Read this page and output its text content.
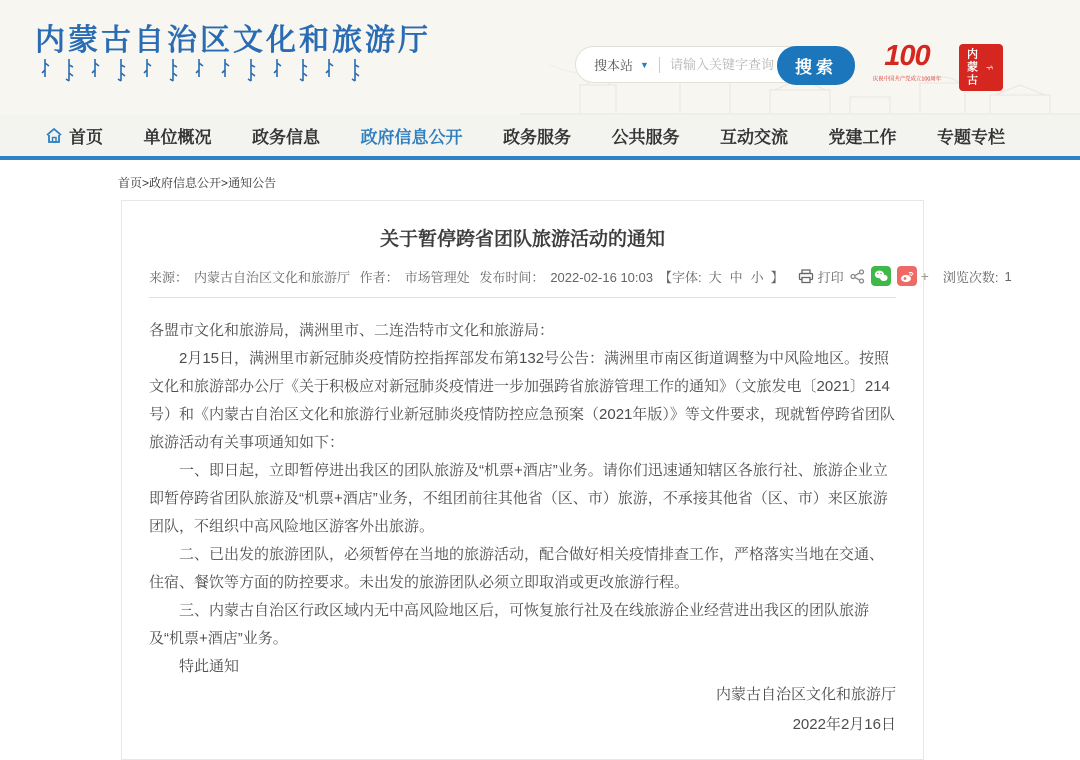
内蒙古自治区文化和旅游厅
搜本站 ▼
请输入关键字查询	搜索	100
庆祝中国共产党成立100周年 内蒙古 ᠮ
首页 单位概况 政务信息 政府信息公开 政务服务 公共服务 互动交流 党建工作 专题专栏
首页>政府信息公开>通知公告
关于暂停跨省团队旅游活动的通知
来源： 内蒙古自治区文化和旅游厅 作者： 市场管理处 发布时间： 2022-02-16 10:03 【字体: 大 中 小 】	打印	+ 浏览次数: 1

各盟市文化和旅游局，满洲里市、二连浩特市文化和旅游局：

2月15日，满洲里市新冠肺炎疫情防控指挥部发布第132号公告：满洲里市南区街道调整为中风险地区。按照文化和旅游部办公厅《关于积极应对新冠肺炎疫情进一步加强跨省旅游管理工作的通知》（文旅发电〔2021〕214号）和《内蒙古自治区文化和旅游行业新冠肺炎疫情防控应急预案（2021年版）》等文件要求，现就暂停跨省团队旅游活动有关事项通知如下：

一、即日起，立即暂停进出我区的团队旅游及“机票+酒店”业务。请你们迅速通知辖区各旅行社、旅游企业立即暂停跨省团队旅游及“机票+酒店”业务，不组团前往其他省（区、市）旅游，不承接其他省（区、市）来区旅游团队，不组织中高风险地区游客外出旅游。

二、已出发的旅游团队，必须暂停在当地的旅游活动，配合做好相关疫情排查工作，严格落实当地在交通、住宿、餐饮等方面的防控要求。未出发的旅游团队必须立即取消或更改旅游行程。

三、内蒙古自治区行政区域内无中高风险地区后，可恢复旅行社及在线旅游企业经营进出我区的团队旅游及“机票+酒店”业务。

特此通知

内蒙古自治区文化和旅游厅

2022年2月16日
